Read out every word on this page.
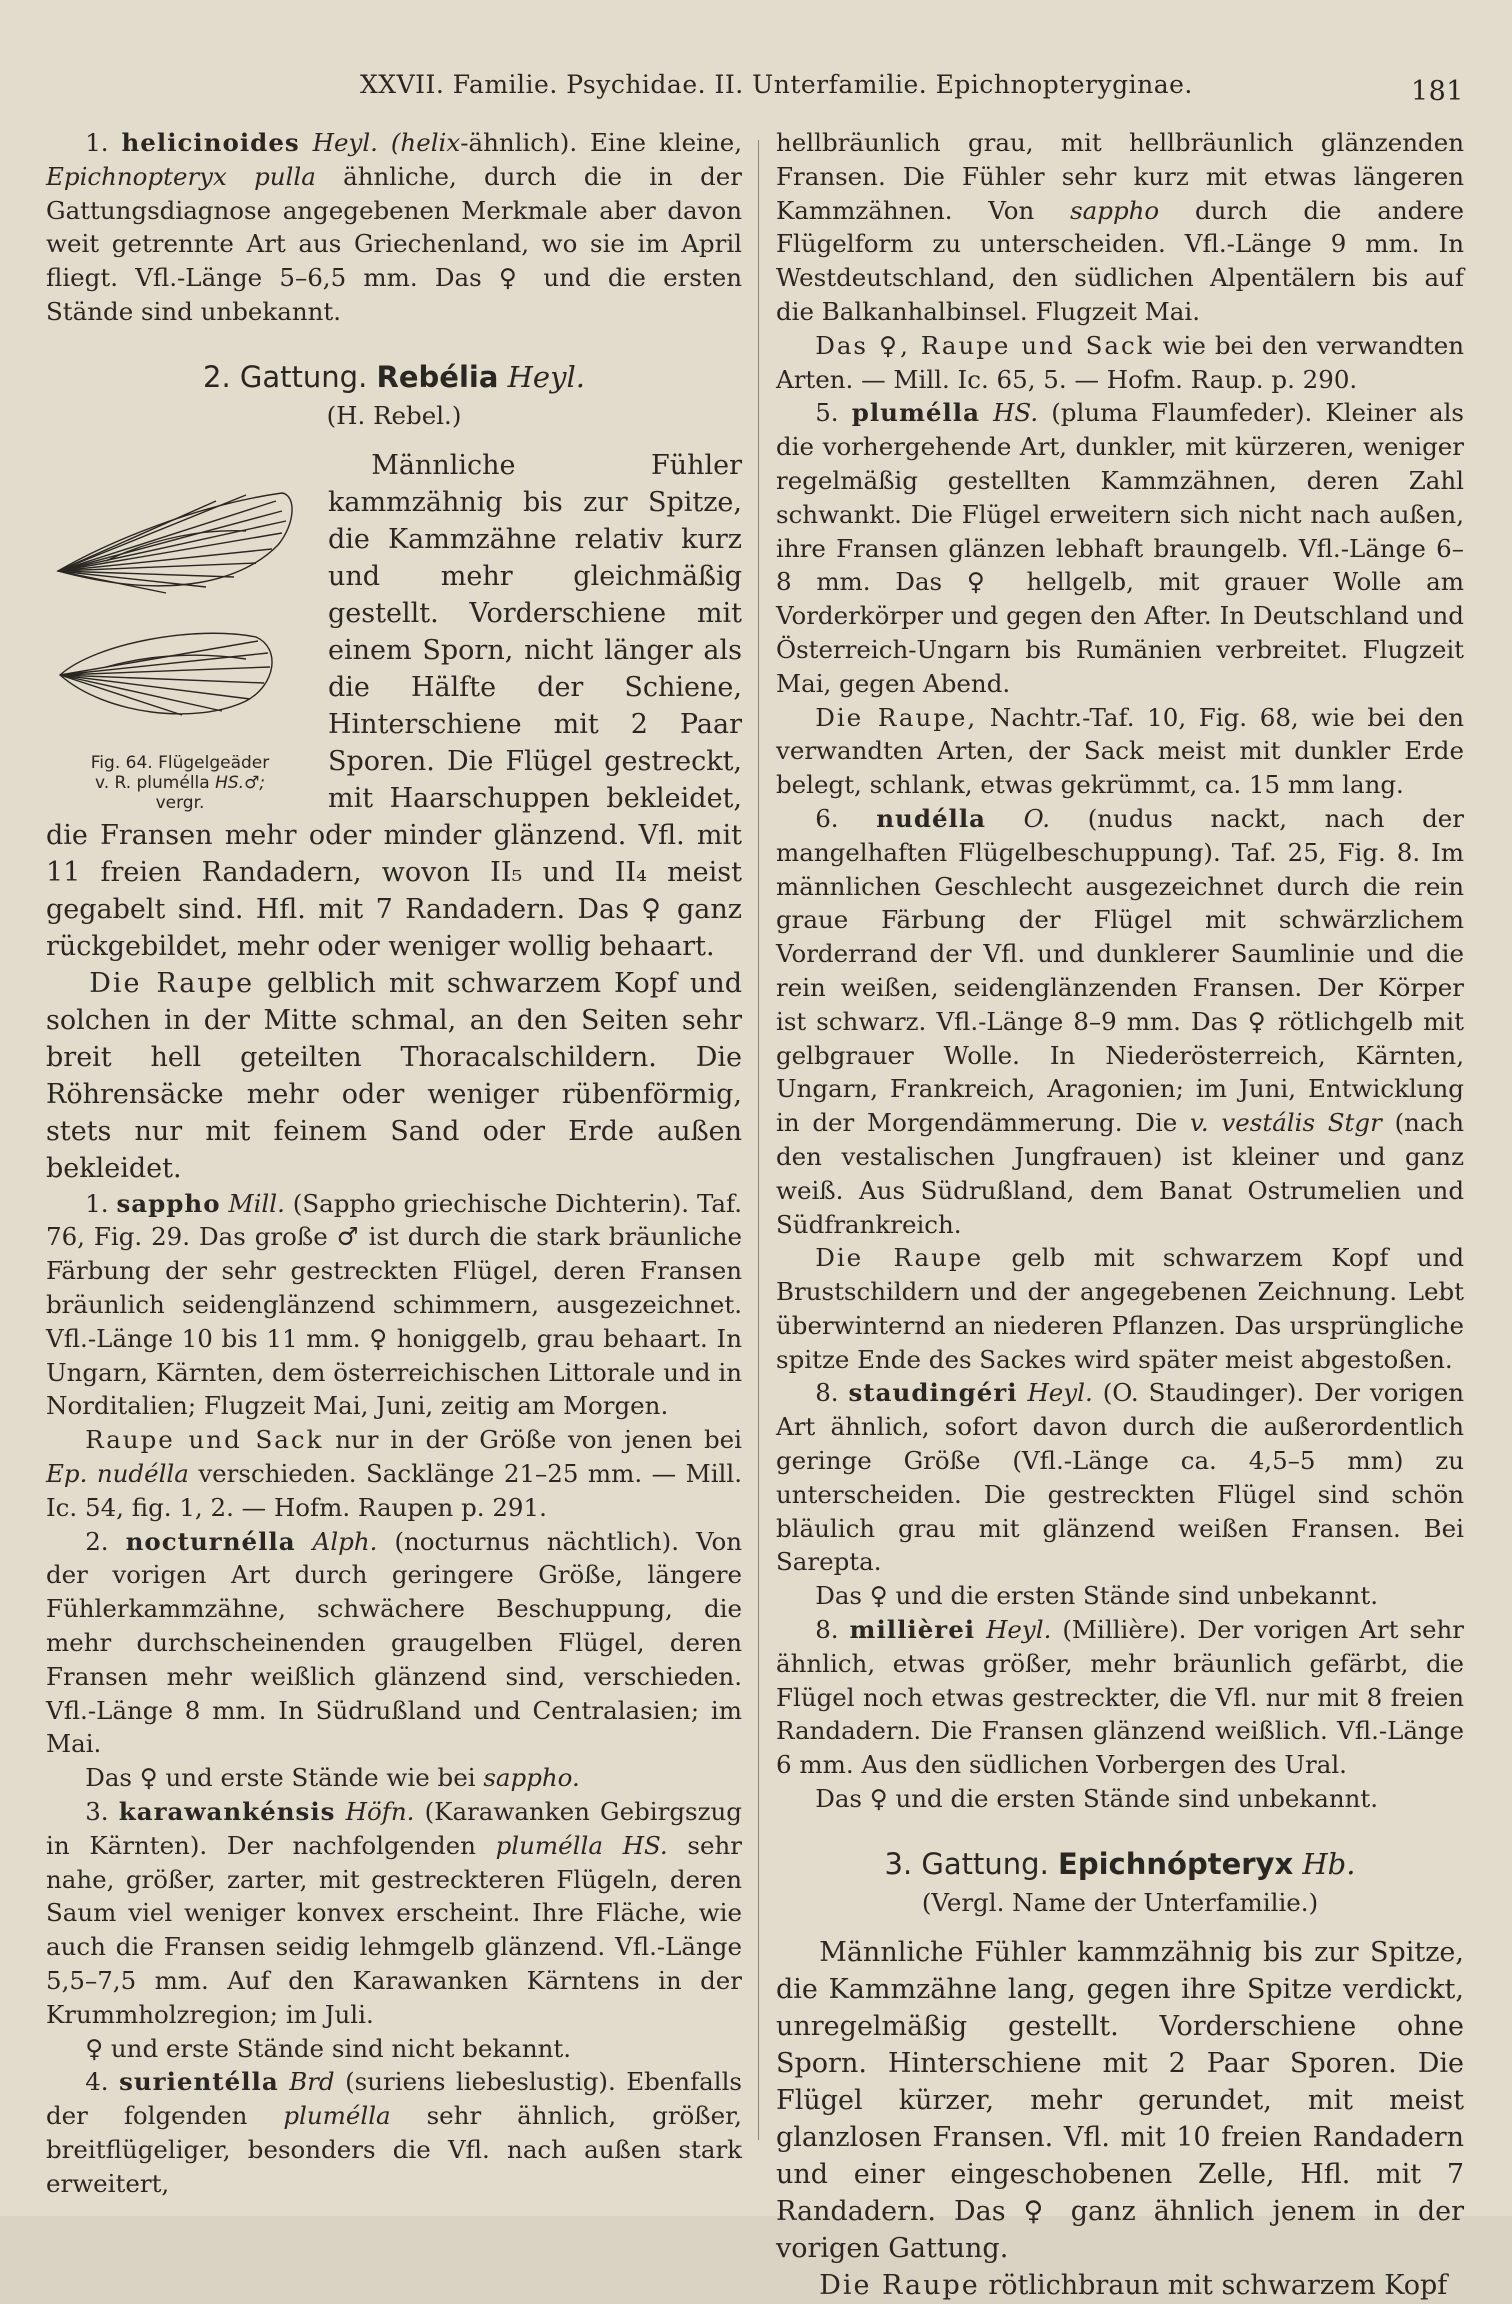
XXVII. Familie. Psychidae. II. Unterfamilie. Epichnopteryginae.	181

1. helicinoides Heyl. (helix-ähnlich). Eine kleine, Epichnopteryx pulla ähnliche, durch die in der Gattungsdiagnose angegebenen Merkmale aber davon weit getrennte Art aus Griechenland, wo sie im April fliegt. Vfl.-Länge 5–6,5 mm. Das ♀ und die ersten Stände sind unbekannt.

2. Gattung. Rebélia Heyl.
(H. Rebel.)
Fig. 64. Flügelgeäder
v. R. plumélla HS.♂;
vergr.

Männliche Fühler kammzähnig bis zur Spitze, die Kammzähne relativ kurz und mehr gleichmäßig gestellt. Vorderschiene mit einem Sporn, nicht länger als die Hälfte der Schiene, Hinterschiene mit 2 Paar Sporen. Die Flügel gestreckt, mit Haarschuppen bekleidet, die Fransen mehr oder minder glänzend. Vfl. mit 11 freien Randadern, wovon II₅ und II₄ meist gegabelt sind. Hfl. mit 7 Randadern. Das ♀ ganz rückgebildet, mehr oder weniger wollig behaart.

Die Raupe gelblich mit schwarzem Kopf und solchen in der Mitte schmal, an den Seiten sehr breit hell geteilten Thoracalschildern. Die Röhrensäcke mehr oder weniger rübenförmig, stets nur mit feinem Sand oder Erde außen bekleidet.

1. sappho Mill. (Sappho griechische Dichterin). Taf. 76, Fig. 29. Das große ♂ ist durch die stark bräunliche Färbung der sehr gestreckten Flügel, deren Fransen bräunlich seidenglänzend schimmern, ausgezeichnet. Vfl.-Länge 10 bis 11 mm. ♀ honiggelb, grau behaart. In Ungarn, Kärnten, dem österreichischen Littorale und in Norditalien; Flugzeit Mai, Juni, zeitig am Morgen.

Raupe und Sack nur in der Größe von jenen bei Ep. nudélla verschieden. Sacklänge 21–25 mm. — Mill. Ic. 54, fig. 1, 2. — Hofm. Raupen p. 291.

2. nocturnélla Alph. (nocturnus nächtlich). Von der vorigen Art durch geringere Größe, längere Fühlerkammzähne, schwächere Beschuppung, die mehr durchscheinenden graugelben Flügel, deren Fransen mehr weißlich glänzend sind, verschieden. Vfl.-Länge 8 mm. In Südrußland und Centralasien; im Mai.

Das ♀ und erste Stände wie bei sappho.

3. karawankénsis Höfn. (Karawanken Gebirgszug in Kärnten). Der nachfolgenden plumélla HS. sehr nahe, größer, zarter, mit gestreckteren Flügeln, deren Saum viel weniger konvex erscheint. Ihre Fläche, wie auch die Fransen seidig lehmgelb glänzend. Vfl.-Länge 5,5–7,5 mm. Auf den Karawanken Kärntens in der Krummholzregion; im Juli.

♀ und erste Stände sind nicht bekannt.

4. surientélla Brd (suriens liebeslustig). Ebenfalls der folgenden plumélla sehr ähnlich, größer, breitflügeliger, besonders die Vfl. nach außen stark erweitert,

hellbräunlich grau, mit hellbräunlich glänzenden Fransen. Die Fühler sehr kurz mit etwas längeren Kammzähnen. Von sappho durch die andere Flügelform zu unterscheiden. Vfl.-Länge 9 mm. In Westdeutschland, den südlichen Alpentälern bis auf die Balkanhalbinsel. Flugzeit Mai.

Das ♀, Raupe und Sack wie bei den verwandten Arten. — Mill. Ic. 65, 5. — Hofm. Raup. p. 290.

5. plumélla HS. (pluma Flaumfeder). Kleiner als die vorhergehende Art, dunkler, mit kürzeren, weniger regelmäßig gestellten Kammzähnen, deren Zahl schwankt. Die Flügel erweitern sich nicht nach außen, ihre Fransen glänzen lebhaft braungelb. Vfl.-Länge 6–8 mm. Das ♀ hellgelb, mit grauer Wolle am Vorderkörper und gegen den After. In Deutschland und Österreich-Ungarn bis Rumänien verbreitet. Flugzeit Mai, gegen Abend.

Die Raupe, Nachtr.-Taf. 10, Fig. 68, wie bei den verwandten Arten, der Sack meist mit dunkler Erde belegt, schlank, etwas gekrümmt, ca. 15 mm lang.

6. nudélla O. (nudus nackt, nach der mangelhaften Flügelbeschuppung). Taf. 25, Fig. 8. Im männlichen Geschlecht ausgezeichnet durch die rein graue Färbung der Flügel mit schwärzlichem Vorderrand der Vfl. und dunklerer Saumlinie und die rein weißen, seidenglänzenden Fransen. Der Körper ist schwarz. Vfl.-Länge 8–9 mm. Das ♀ rötlichgelb mit gelbgrauer Wolle. In Niederösterreich, Kärnten, Ungarn, Frankreich, Aragonien; im Juni, Entwicklung in der Morgendämmerung. Die v. vestális Stgr (nach den vestalischen Jungfrauen) ist kleiner und ganz weiß. Aus Südrußland, dem Banat Ostrumelien und Südfrankreich.

Die Raupe gelb mit schwarzem Kopf und Brustschildern und der angegebenen Zeichnung. Lebt überwinternd an niederen Pflanzen. Das ursprüngliche spitze Ende des Sackes wird später meist abgestoßen.

8. staudingéri Heyl. (O. Staudinger). Der vorigen Art ähnlich, sofort davon durch die außerordentlich geringe Größe (Vfl.-Länge ca. 4,5–5 mm) zu unterscheiden. Die gestreckten Flügel sind schön bläulich grau mit glänzend weißen Fransen. Bei Sarepta.

Das ♀ und die ersten Stände sind unbekannt.

8. millièrei Heyl. (Millière). Der vorigen Art sehr ähnlich, etwas größer, mehr bräunlich gefärbt, die Flügel noch etwas gestreckter, die Vfl. nur mit 8 freien Randadern. Die Fransen glänzend weißlich. Vfl.-Länge 6 mm. Aus den südlichen Vorbergen des Ural.

Das ♀ und die ersten Stände sind unbekannt.

3. Gattung. Epichnópteryx Hb.
(Vergl. Name der Unterfamilie.)

Männliche Fühler kammzähnig bis zur Spitze, die Kammzähne lang, gegen ihre Spitze verdickt, unregelmäßig gestellt. Vorderschiene ohne Sporn. Hinterschiene mit 2 Paar Sporen. Die Flügel kürzer, mehr gerundet, mit meist glanzlosen Fransen. Vfl. mit 10 freien Randadern und einer eingeschobenen Zelle, Hfl. mit 7 Randadern. Das ♀ ganz ähnlich jenem in der vorigen Gattung.

Die Raupe rötlichbraun mit schwarzem Kopf
